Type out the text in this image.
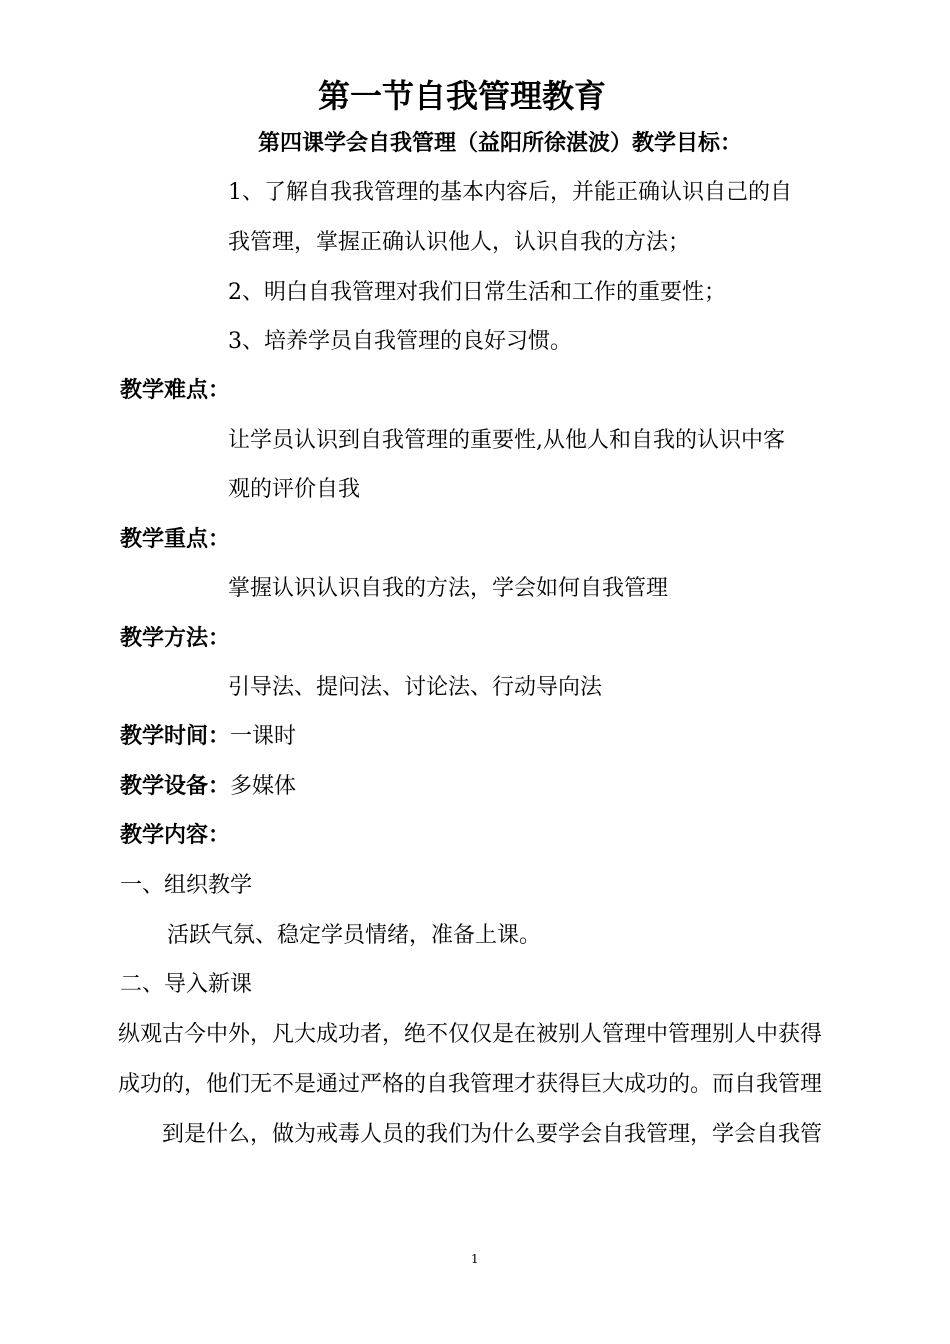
第一节自我管理教育
第四课学会自我管理（益阳所徐湛波）教学目标：
1、了解自我我管理的基本内容后，并能正确认识自己的自
我管理，掌握正确认识他人，认识自我的方法；
2、明白自我管理对我们日常生活和工作的重要性；
3、培养学员自我管理的良好习惯。
教学难点：
让学员认识到自我管理的重要性,从他人和自我的认识中客
观的评价自我
教学重点：
掌握认识认识自我的方法，学会如何自我管理
教学方法：
引导法、提问法、讨论法、行动导向法
教学时间：一课时
教学设备：多媒体
教学内容：
一、组织教学
活跃气氛、稳定学员情绪，准备上课。
二、导入新课
纵观古今中外，凡大成功者，绝不仅仅是在被别人管理中管理别人中获得
成功的，他们无不是通过严格的自我管理才获得巨大成功的。而自我管理
到是什么，做为戒毒人员的我们为什么要学会自我管理，学会自我管
1
